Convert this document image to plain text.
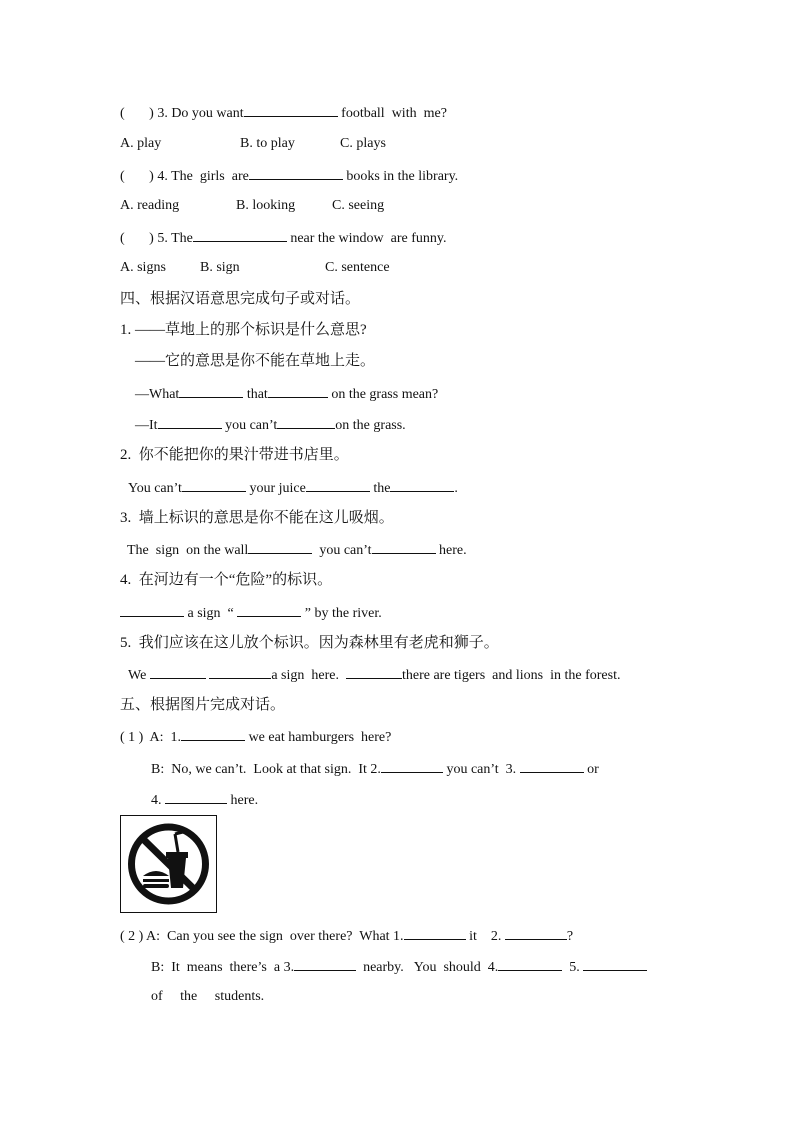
(       ) 3. Do you want	football  with  me?
A. play	B. to play	C. plays
(       ) 4. The  girls  are	books in the library.
A. reading	B. looking	C. seeing
(       ) 5. The	near the window  are funny.
A. signs B. sign	C. sentence
四、根据汉语意思完成句子或对话。
1. ——草地上的那个标识是什么意思?
——它的意思是你不能在草地上走。
—What	that	on the grass mean?
—It	you can’t	on the grass.
2.  你不能把你的果汁带进书店里。
You can’t	your juice	the	.
3.  墙上标识的意思是你不能在这儿吸烟。
The  sign  on the wall	you can’t	here.
4.  在河边有一个“危险”的标识。
a sign  “	” by the river.
5.  我们应该在这儿放个标识。因为森林里有老虎和狮子。
We	a sign  here.	there are tigers  and lions  in the forest.
五、根据图片完成对话。
( 1 )  A:  1.	we eat hamburgers  here?
B:  No, we can’t.  Look at that sign.  It 2.	you can’t  3.	or
4.	here.
( 2 ) A:  Can you see the sign  over there?  What 1.	it    2.	?
B:  It  means  there’s  a 3.	nearby.   You  should  4.	5.
of     the     students.
